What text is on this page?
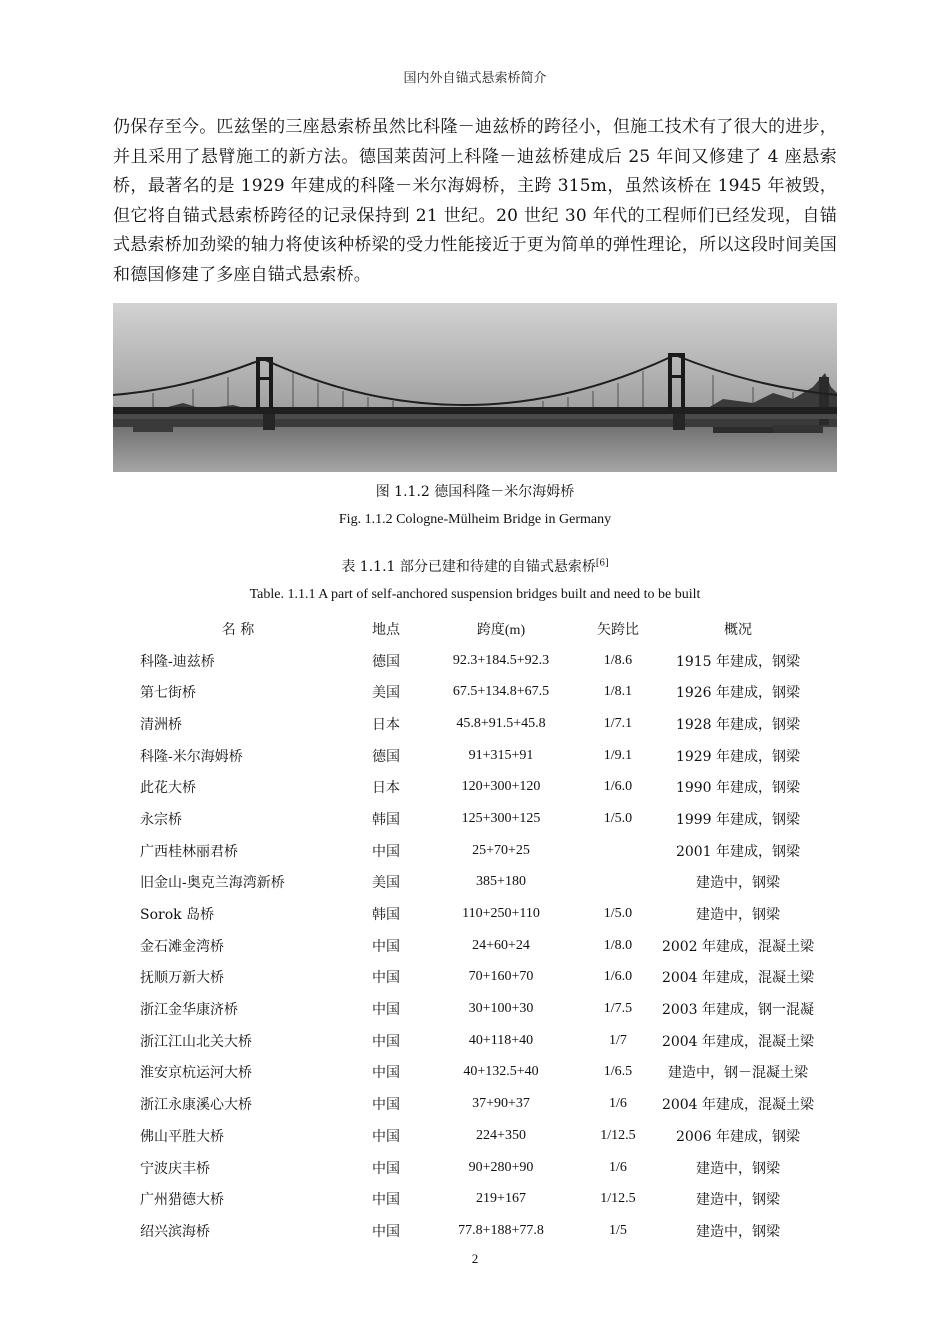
国内外自锚式悬索桥简介

仍保存至今。匹兹堡的三座悬索桥虽然比科隆－迪兹桥的跨径小，但施工技术有了很大的进步，并且采用了悬臂施工的新方法。德国莱茵河上科隆－迪兹桥建成后 25 年间又修建了 4 座悬索桥，最著名的是 1929 年建成的科隆－米尔海姆桥，主跨 315m，虽然该桥在 1945 年被毁，但它将自锚式悬索桥跨径的记录保持到 21 世纪。20 世纪 30 年代的工程师们已经发现，自锚式悬索桥加劲梁的轴力将使该种桥梁的受力性能接近于更为简单的弹性理论，所以这段时间美国和德国修建了多座自锚式悬索桥。

图 1.1.2 德国科隆－米尔海姆桥
Fig. 1.1.2 Cologne-Mülheim Bridge in Germany
表 1.1.1 部分已建和待建的自锚式悬索桥[6]
Table. 1.1.1 A part of self-anchored suspension bridges built and need to be built
名 称	地点	跨度(m)	矢跨比	概况
科隆-迪兹桥	德国	92.3+184.5+92.3	1/8.6	1915 年建成，钢梁
第七街桥	美国	67.5+134.8+67.5	1/8.1	1926 年建成，钢梁
清洲桥	日本	45.8+91.5+45.8	1/7.1	1928 年建成，钢梁
科隆-米尔海姆桥	德国	91+315+91	1/9.1	1929 年建成，钢梁
此花大桥	日本	120+300+120	1/6.0	1990 年建成，钢梁
永宗桥	韩国	125+300+125	1/5.0	1999 年建成，钢梁
广西桂林丽君桥	中国	25+70+25		2001 年建成，钢梁
旧金山-奥克兰海湾新桥	美国	385+180		建造中，钢梁
Sorok 岛桥	韩国	110+250+110	1/5.0	建造中，钢梁
金石滩金湾桥	中国	24+60+24	1/8.0	2002 年建成，混凝土梁
抚顺万新大桥	中国	70+160+70	1/6.0	2004 年建成，混凝土梁
浙江金华康济桥	中国	30+100+30	1/7.5	2003 年建成，钢一混凝
浙江江山北关大桥	中国	40+118+40	1/7	2004 年建成，混凝土梁
淮安京杭运河大桥	中国	40+132.5+40	1/6.5	建造中，钢－混凝土梁
浙江永康溪心大桥	中国	37+90+37	1/6	2004 年建成，混凝土梁
佛山平胜大桥	中国	224+350	1/12.5	2006 年建成，钢梁
宁波庆丰桥	中国	90+280+90	1/6	建造中，钢梁
广州猎德大桥	中国	219+167	1/12.5	建造中，钢梁
绍兴滨海桥	中国	77.8+188+77.8	1/5	建造中，钢梁
2
